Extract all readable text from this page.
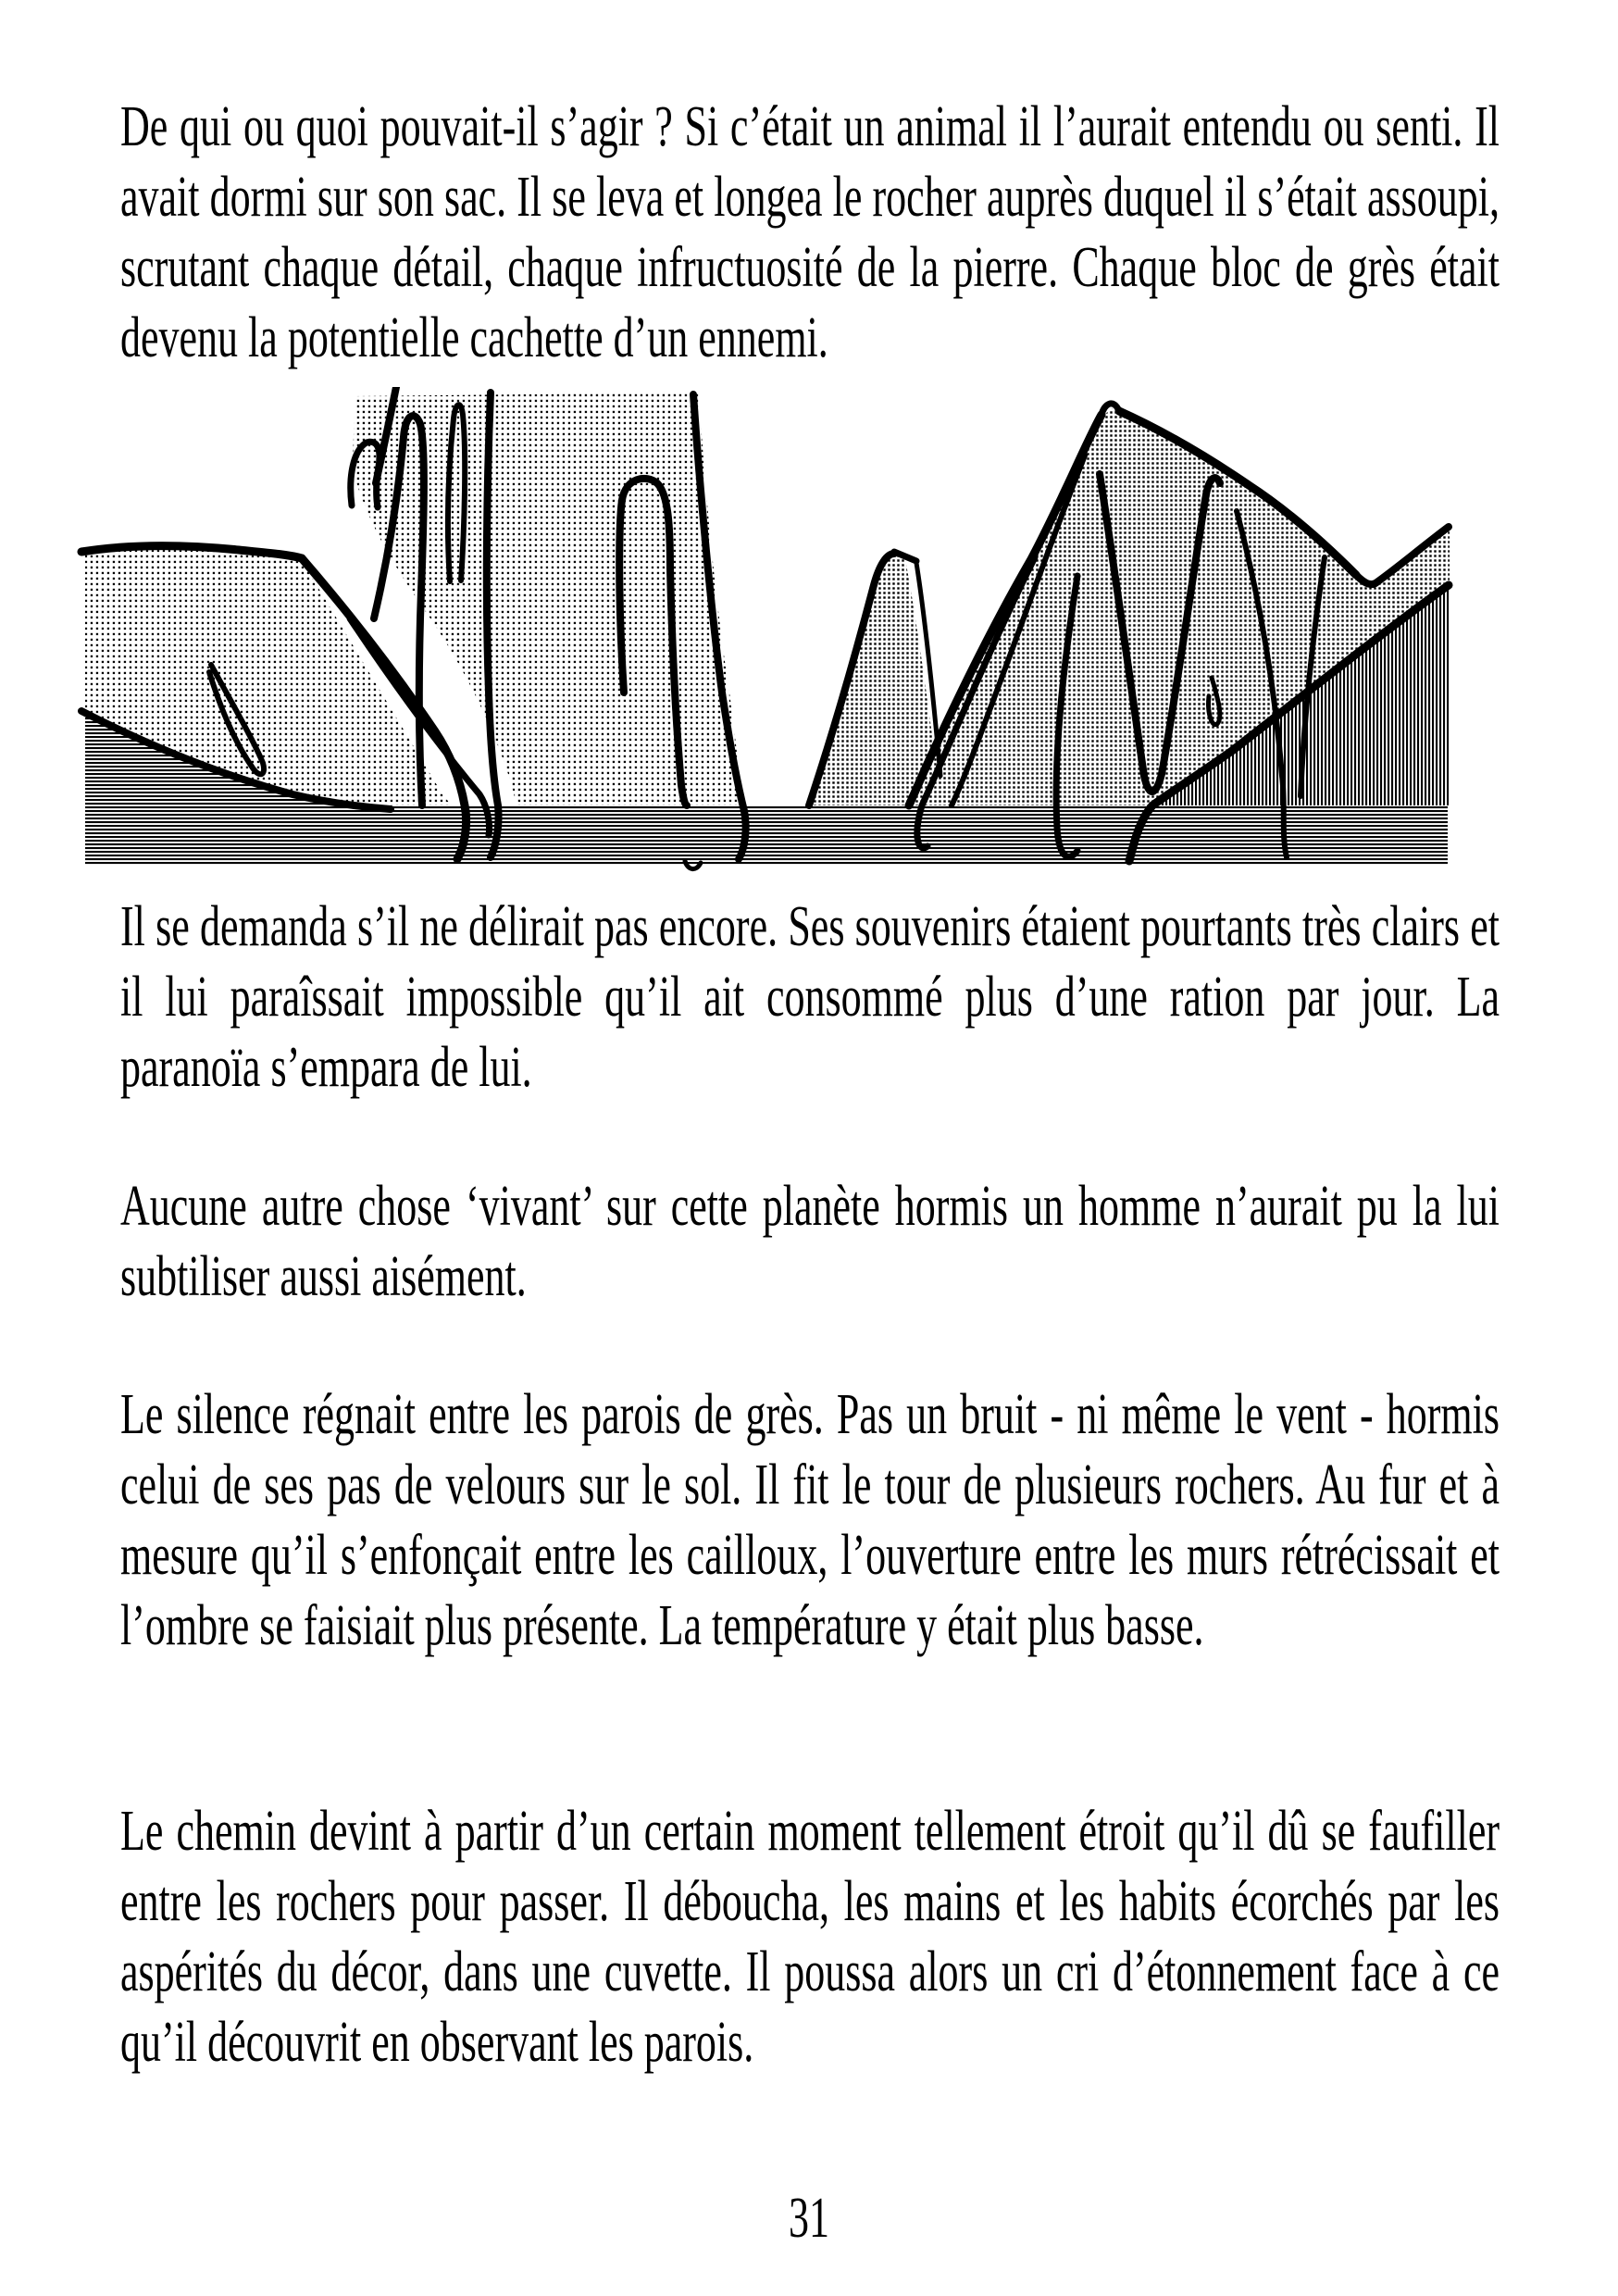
De qui ou quoi pouvait-il s’agir ? Si c’était un animal il l’aurait entendu ou senti. Il avait dormi sur son sac. Il se leva et longea le rocher auprès duquel il s’était assoupi, scrutant chaque détail, chaque infructuosité de la pierre. Chaque bloc de grès était devenu la potentielle cachette d’un ennemi.

Il se demanda s’il ne délirait pas encore. Ses souvenirs étaient pourtants très clairs et il lui paraîssait impossible qu’il ait consommé plus d’une ration par jour. La paranoïa s’empara de lui.

Aucune autre chose ‘vivant’ sur cette planète hormis un homme n’aurait pu la lui subtiliser aussi aisément.

Le silence régnait entre les parois de grès. Pas un bruit - ni même le vent - hormis celui de ses pas de velours sur le sol. Il fit le tour de plusieurs rochers. Au fur et à mesure qu’il s’enfonçait entre les cailloux, l’ouverture entre les murs rétrécissait et l’ombre se faisiait plus présente. La température y était plus basse.

Le chemin devint à partir d’un certain moment tellement étroit qu’il dû se faufiller entre les rochers pour passer. Il déboucha, les mains et les habits écorchés par les aspérités du décor, dans une cuvette. Il poussa alors un cri d’étonnement face à ce qu’il découvrit en observant les parois.

31
